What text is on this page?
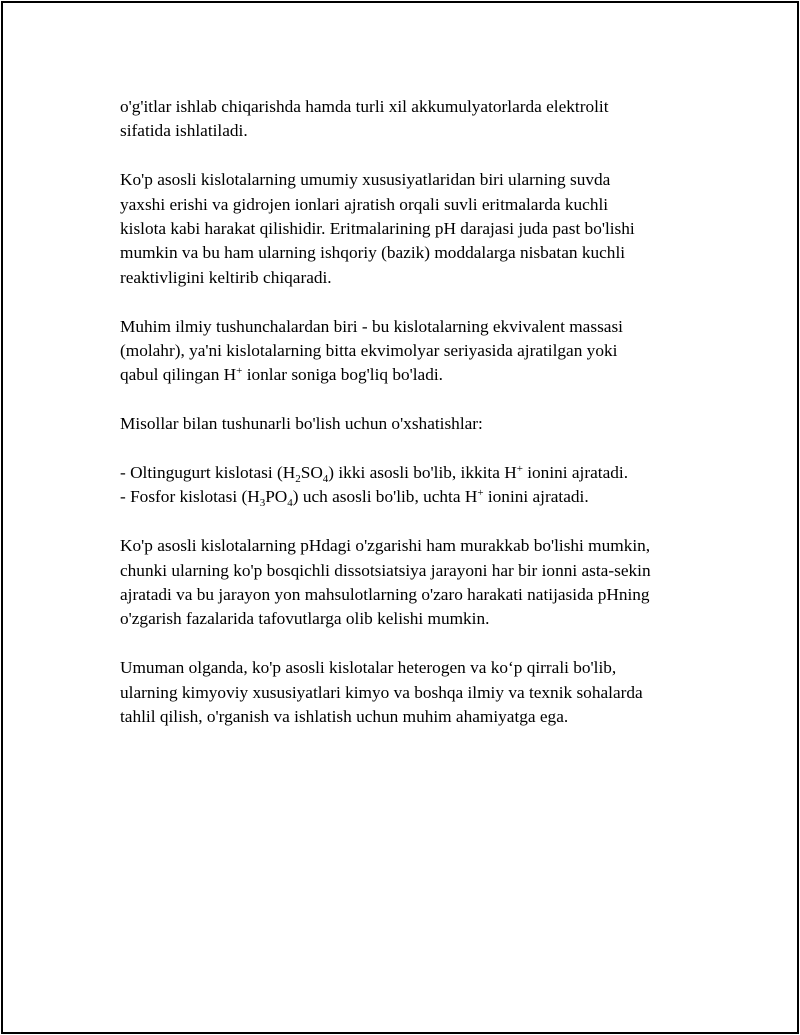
o'g'itlar ishlab chiqarishda hamda turli xil akkumulyatorlarda elektrolit
sifatida ishlatiladi.

Ko'p asosli kislotalarning umumiy xususiyatlaridan biri ularning suvda
yaxshi erishi va gidrojen ionlari ajratish orqali suvli eritmalarda kuchli
kislota kabi harakat qilishidir. Eritmalarining pH darajasi juda past bo'lishi
mumkin va bu ham ularning ishqoriy (bazik) moddalarga nisbatan kuchli
reaktivligini keltirib chiqaradi.

Muhim ilmiy tushunchalardan biri - bu kislotalarning ekvivalent massasi
(molahr), ya'ni kislotalarning bitta ekvimolyar seriyasida ajratilgan yoki
qabul qilingan H+ ionlar soniga bog'liq bo'ladi.

Misollar bilan tushunarli bo'lish uchun o'xshatishlar:

- Oltingugurt kislotasi $(H_2SO_4)$ ikki asosli bo'lib, ikkita H+ ionini ajratadi.
- Fosfor kislotasi $(H_3PO_4)$ uch asosli bo'lib, uchta H+ ionini ajratadi.

Ko'p asosli kislotalarning pHdagi o'zgarishi ham murakkab bo'lishi mumkin,
chunki ularning ko'p bosqichli dissotsiatsiya jarayoni har bir ionni asta-sekin
ajratadi va bu jarayon yon mahsulotlarning o'zaro harakati natijasida pHning
o'zgarish fazalarida tafovutlarga olib kelishi mumkin.

Umuman olganda, ko'p asosli kislotalar heterogen va ko‘p qirrali bo'lib,
ularning kimyoviy xususiyatlari kimyo va boshqa ilmiy va texnik sohalarda
tahlil qilish, o'rganish va ishlatish uchun muhim ahamiyatga ega.
